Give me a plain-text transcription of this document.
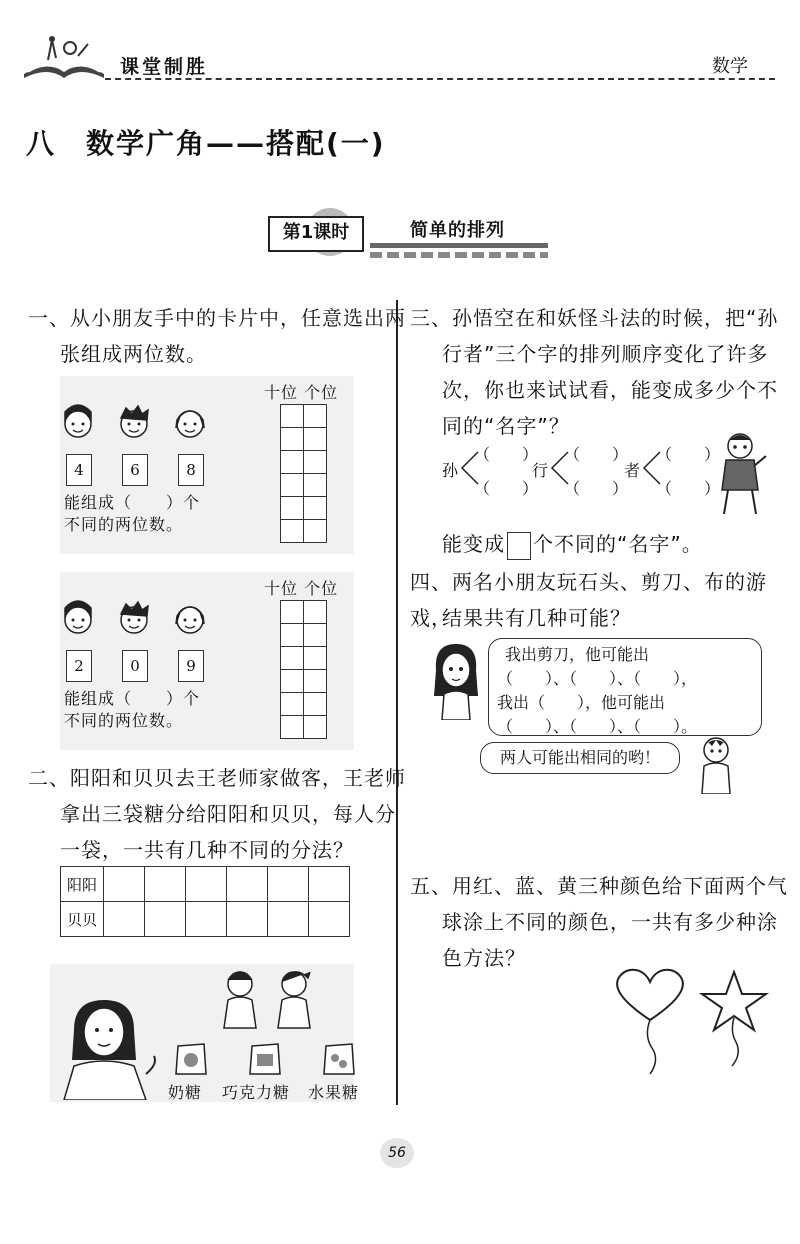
课堂制胜	数学
八　数学广角——搭配(一)
第1课时	简单的排列
一、从小朋友手中的卡片中，任意选出两
张组成两位数。
4	6	8
能组成（　　）个
不同的两位数。
十位 个位

2	0	9
能组成（　　）个
不同的两位数。
十位 个位

二、阳阳和贝贝去王老师家做客，王老师
拿出三袋糖分给阳阳和贝贝，每人分
一袋，一共有几种不同的分法？
阳阳						
贝贝						
奶糖 巧克力糖 水果糖
三、孙悟空在和妖怪斗法的时候，把“孙
行者”三个字的排列顺序变化了许多
次，你也来试试看，能变成多少个不
同的“名字”？
孙
（　　）
（　　）
行
（　　）
（　　）
者
（　　）
（　　）
能变成 个不同的“名字”。
四、两名小朋友玩石头、剪刀、布的游戏，
结果共有几种可能？
我出剪刀，他可能出
（　　）、（　　）、（　　），
我出（　　），他可能出
（　　）、（　　）、（　　）。
两人可能出相同的哟！
五、用红、蓝、黄三种颜色给下面两个气
球涂上不同的颜色，一共有多少种涂
色方法？
56
